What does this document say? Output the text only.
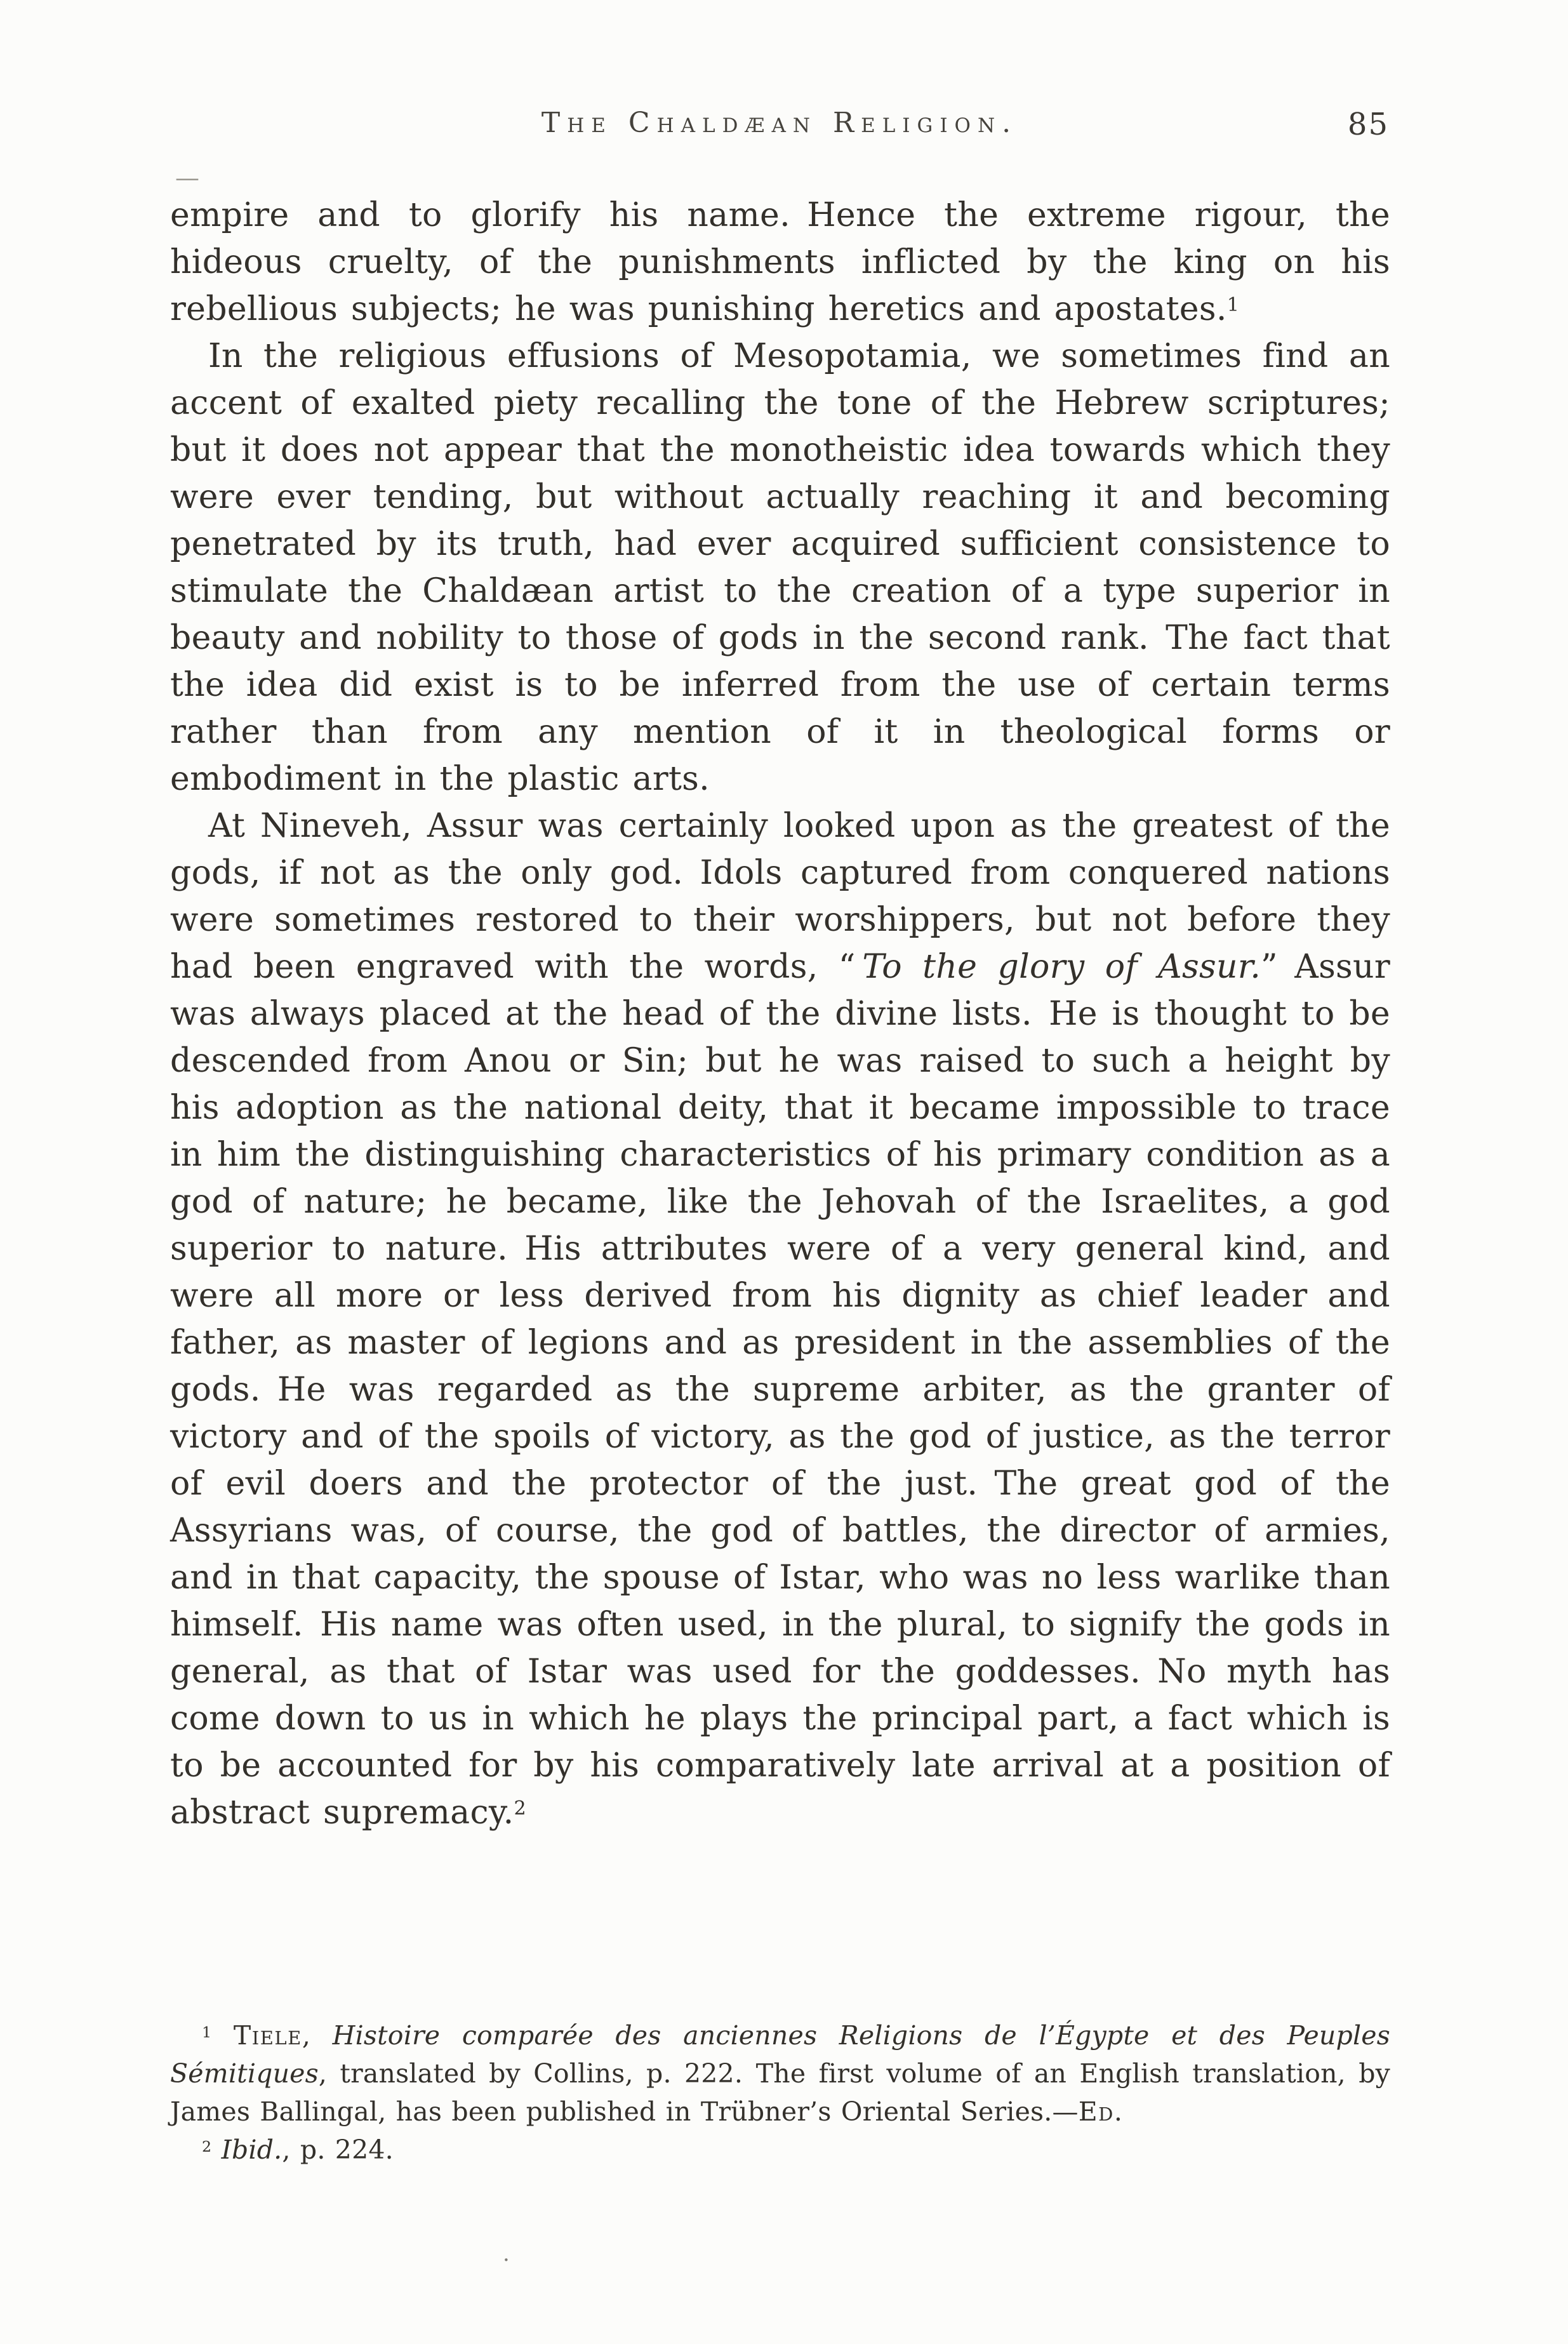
The Chaldæan Religion.	85
—

empire and to glorify his name. Hence the extreme rigour, the hideous cruelty, of the punishments inflicted by the king on his rebellious subjects; he was punishing heretics and apostates.$^1$

In the religious effusions of Mesopotamia, we sometimes find an accent of exalted piety recalling the tone of the Hebrew scriptures; but it does not appear that the monotheistic idea towards which they were ever tending, but without actually reaching it and becoming penetrated by its truth, had ever acquired sufficient consistence to stimulate the Chaldæan artist to the creation of a type superior in beauty and nobility to those of gods in the second rank. The fact that the idea did exist is to be inferred from the use of certain terms rather than from any mention of it in theological forms or embodiment in the plastic arts.

At Nineveh, Assur was certainly looked upon as the greatest of the gods, if not as the only god. Idols captured from conquered nations were sometimes restored to their worshippers, but not before they had been engraved with the words, “ To the glory of Assur.” Assur was always placed at the head of the divine lists. He is thought to be descended from Anou or Sin; but he was raised to such a height by his adoption as the national deity, that it became impossible to trace in him the distinguishing characteristics of his primary condition as a god of nature; he became, like the Jehovah of the Israelites, a god superior to nature. His attributes were of a very general kind, and were all more or less derived from his dignity as chief leader and father, as master of legions and as president in the assemblies of the gods. He was regarded as the supreme arbiter, as the granter of victory and of the spoils of victory, as the god of justice, as the terror of evil doers and the protector of the just. The great god of the Assyrians was, of course, the god of battles, the director of armies, and in that capacity, the spouse of Istar, who was no less warlike than himself. His name was often used, in the plural, to signify the gods in general, as that of Istar was used for the goddesses. No myth has come down to us in which he plays the principal part, a fact which is to be accounted for by his comparatively late arrival at a position of abstract supremacy.$^2$

$^1$ Tiele, Histoire comparée des anciennes Religions de l’Égypte et des Peuples Sémitiques, translated by Collins, p. 222. The first volume of an English translation, by James Ballingal, has been published in Trübner’s Oriental Series.—Ed.

$^2$ Ibid., p. 224.

·
